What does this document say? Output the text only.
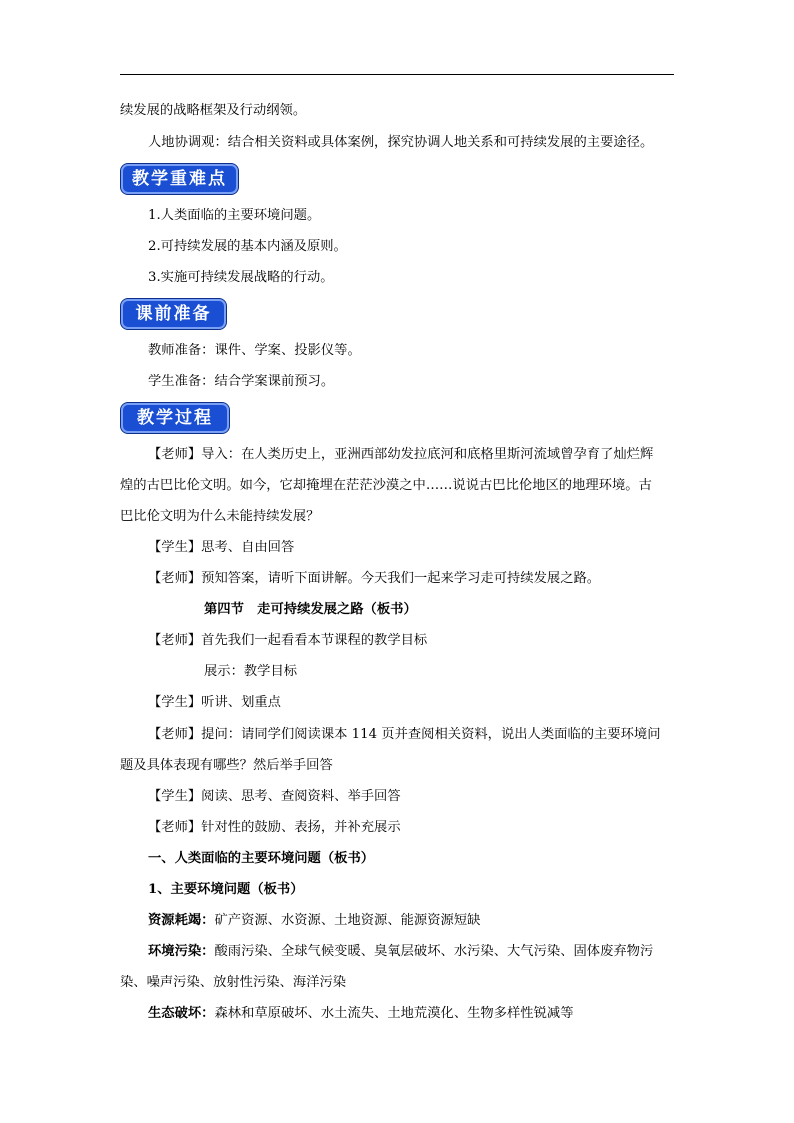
续发展的战略框架及行动纲领。
人地协调观：结合相关资料或具体案例，探究协调人地关系和可持续发展的主要途径。
教学重难点
1.人类面临的主要环境问题。
2.可持续发展的基本内涵及原则。
3.实施可持续发展战略的行动。
课前准备
教师准备：课件、学案、投影仪等。
学生准备：结合学案课前预习。
教学过程
【老师】导入：在人类历史上，亚洲西部幼发拉底河和底格里斯河流域曾孕育了灿烂辉
煌的古巴比伦文明。如今，它却掩埋在茫茫沙漠之中……说说古巴比伦地区的地理环境。古
巴比伦文明为什么未能持续发展？
【学生】思考、自由回答
【老师】预知答案，请听下面讲解。今天我们一起来学习走可持续发展之路。
第四节　走可持续发展之路（板书）
【老师】首先我们一起看看本节课程的教学目标
展示：教学目标
【学生】听讲、划重点
【老师】提问：请同学们阅读课本 114 页并查阅相关资料，说出人类面临的主要环境问
题及具体表现有哪些？然后举手回答
【学生】阅读、思考、查阅资料、举手回答
【老师】针对性的鼓励、表扬，并补充展示
一、人类面临的主要环境问题（板书）
1、主要环境问题（板书）
资源耗竭：矿产资源、水资源、土地资源、能源资源短缺
环境污染：酸雨污染、全球气候变暖、臭氧层破坏、水污染、大气污染、固体废弃物污
染、噪声污染、放射性污染、海洋污染
生态破坏：森林和草原破坏、水土流失、土地荒漠化、生物多样性锐减等
